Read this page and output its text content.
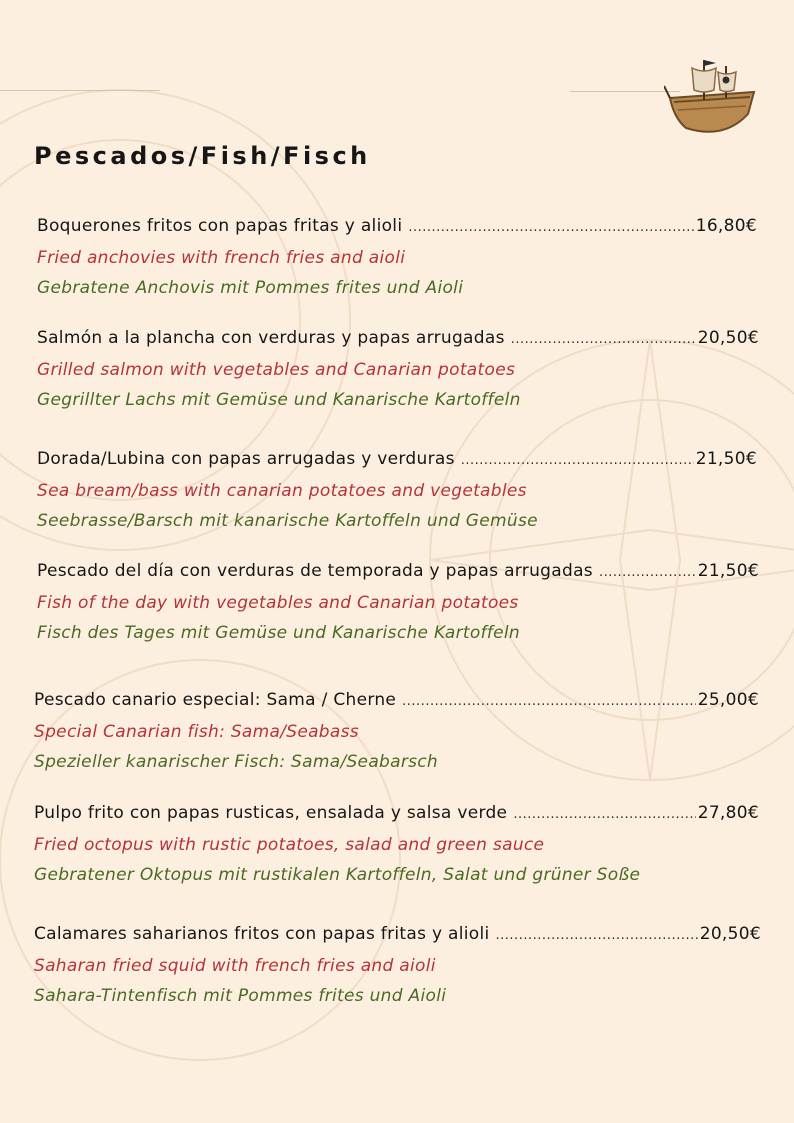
Pescados/Fish/Fisch
Boquerones fritos con papas fritas y alioli .....	16,80€
Fried anchovies with french fries and aioli
Gebratene Anchovis mit Pommes frites und Aioli
Salmón a la plancha con verduras y papas arrugadas .....	20,50€
Grilled salmon with vegetables and Canarian potatoes
Gegrillter Lachs mit Gemüse und Kanarische Kartoffeln
Dorada/Lubina con papas arrugadas y verduras .....	21,50€
Sea bream/bass with canarian potatoes and vegetables
Seebrasse/Barsch mit kanarische Kartoffeln und Gemüse
Pescado del día con verduras de temporada y papas arrugadas .....	21,50€
Fish of the day with vegetables and Canarian potatoes
Fisch des Tages mit Gemüse und Kanarische Kartoffeln
Pescado canario especial: Sama / Cherne .....	25,00€
Special Canarian fish: Sama/Seabass
Spezieller kanarischer Fisch: Sama/Seabarsch
Pulpo frito con papas rusticas, ensalada y salsa verde .....	27,80€
Fried octopus with rustic potatoes, salad and green sauce
Gebratener Oktopus mit rustikalen Kartoffeln, Salat und grüner Soße
Calamares saharianos fritos con papas fritas y alioli .....	20,50€
Saharan fried squid with french fries and aioli
Sahara-Tintenfisch mit Pommes frites und Aioli
